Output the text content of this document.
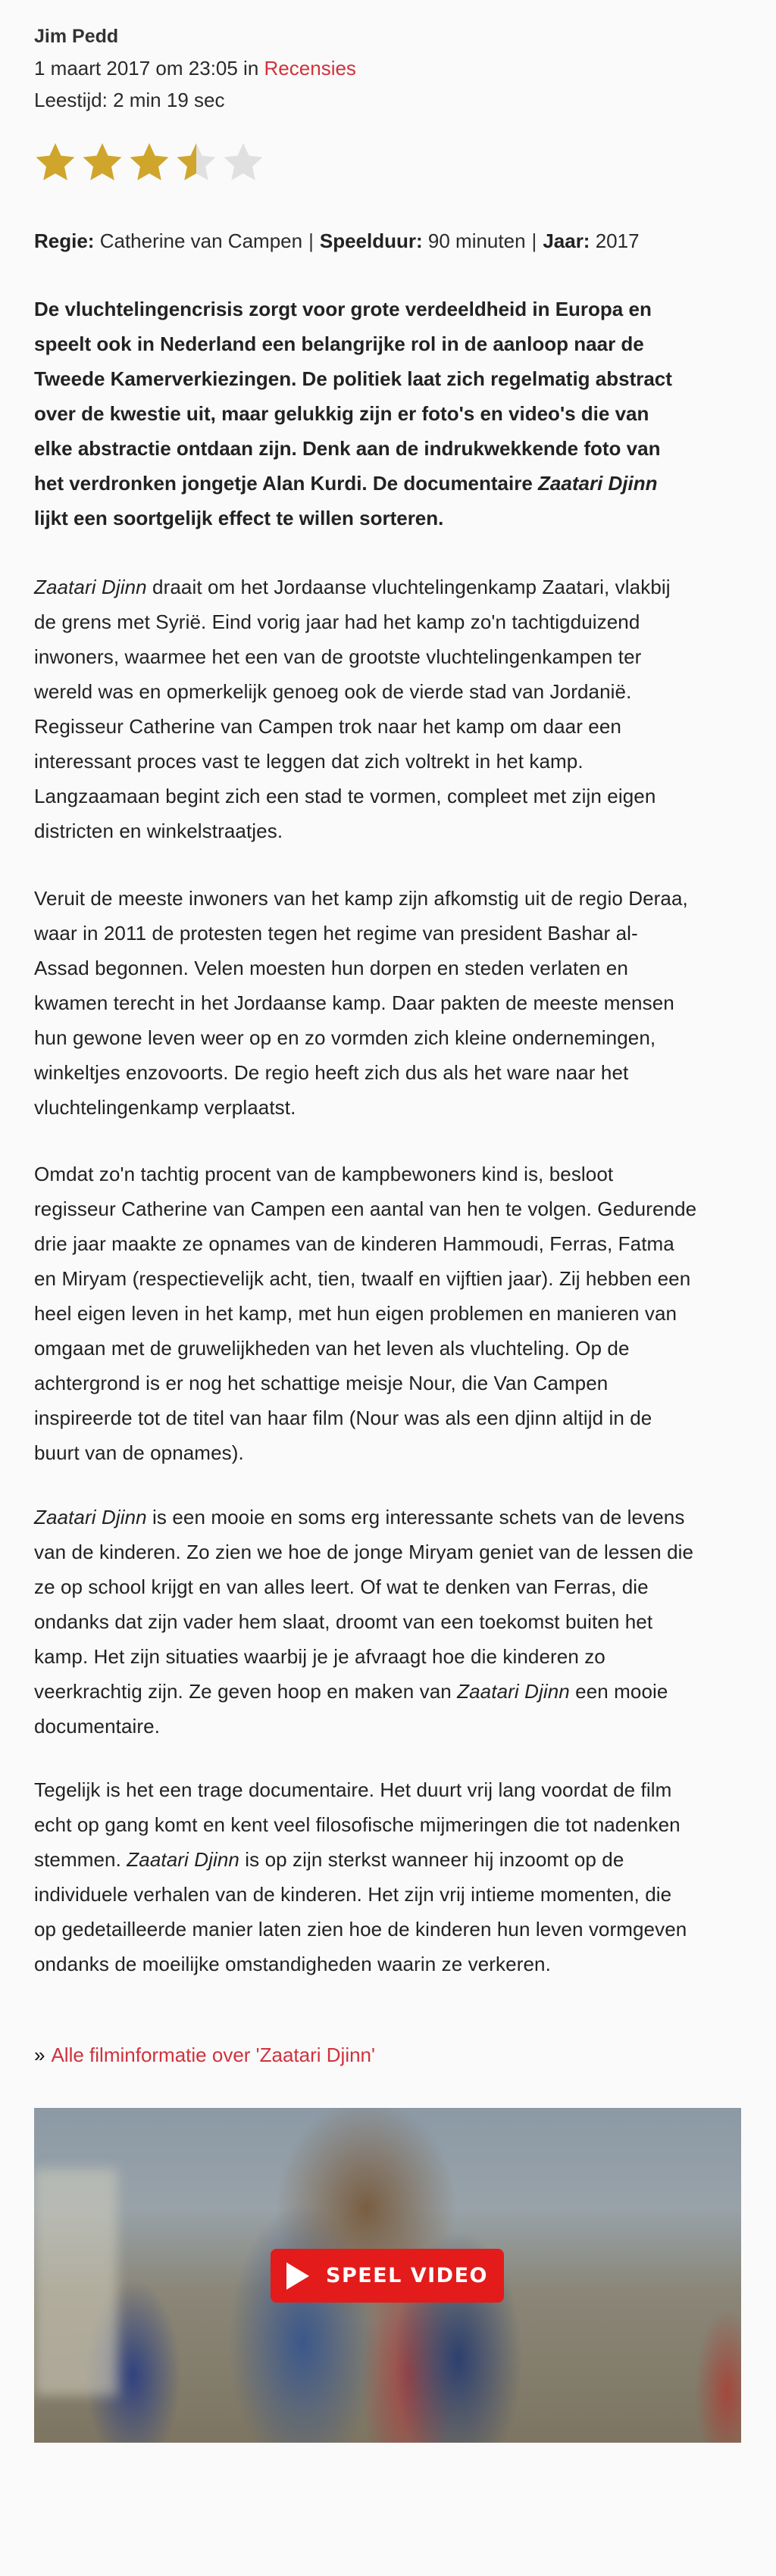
Jim Pedd
1 maart 2017 om 23:05 in Recensies
Leestijd: 2 min 19 sec
Regie: Catherine van Campen | Speelduur: 90 minuten | Jaar: 2017
De vluchtelingencrisis zorgt voor grote verdeeldheid in Europa en
speelt ook in Nederland een belangrijke rol in de aanloop naar de
Tweede Kamerverkiezingen. De politiek laat zich regelmatig abstract
over de kwestie uit, maar gelukkig zijn er foto's en video's die van
elke abstractie ontdaan zijn. Denk aan de indrukwekkende foto van
het verdronken jongetje Alan Kurdi. De documentaire Zaatari Djinn
lijkt een soortgelijk effect te willen sorteren.
Zaatari Djinn draait om het Jordaanse vluchtelingenkamp Zaatari, vlakbij
de grens met Syrië. Eind vorig jaar had het kamp zo'n tachtigduizend
inwoners, waarmee het een van de grootste vluchtelingenkampen ter
wereld was en opmerkelijk genoeg ook de vierde stad van Jordanië.
Regisseur Catherine van Campen trok naar het kamp om daar een
interessant proces vast te leggen dat zich voltrekt in het kamp.
Langzaamaan begint zich een stad te vormen, compleet met zijn eigen
districten en winkelstraatjes.
Veruit de meeste inwoners van het kamp zijn afkomstig uit de regio Deraa,
waar in 2011 de protesten tegen het regime van president Bashar al-
Assad begonnen. Velen moesten hun dorpen en steden verlaten en
kwamen terecht in het Jordaanse kamp. Daar pakten de meeste mensen
hun gewone leven weer op en zo vormden zich kleine ondernemingen,
winkeltjes enzovoorts. De regio heeft zich dus als het ware naar het
vluchtelingenkamp verplaatst.
Omdat zo'n tachtig procent van de kampbewoners kind is, besloot
regisseur Catherine van Campen een aantal van hen te volgen. Gedurende
drie jaar maakte ze opnames van de kinderen Hammoudi, Ferras, Fatma
en Miryam (respectievelijk acht, tien, twaalf en vijftien jaar). Zij hebben een
heel eigen leven in het kamp, met hun eigen problemen en manieren van
omgaan met de gruwelijkheden van het leven als vluchteling. Op de
achtergrond is er nog het schattige meisje Nour, die Van Campen
inspireerde tot de titel van haar film (Nour was als een djinn altijd in de
buurt van de opnames).
Zaatari Djinn is een mooie en soms erg interessante schets van de levens
van de kinderen. Zo zien we hoe de jonge Miryam geniet van de lessen die
ze op school krijgt en van alles leert. Of wat te denken van Ferras, die
ondanks dat zijn vader hem slaat, droomt van een toekomst buiten het
kamp. Het zijn situaties waarbij je je afvraagt hoe die kinderen zo
veerkrachtig zijn. Ze geven hoop en maken van Zaatari Djinn een mooie
documentaire.
Tegelijk is het een trage documentaire. Het duurt vrij lang voordat de film
echt op gang komt en kent veel filosofische mijmeringen die tot nadenken
stemmen. Zaatari Djinn is op zijn sterkst wanneer hij inzoomt op de
individuele verhalen van de kinderen. Het zijn vrij intieme momenten, die
op gedetailleerde manier laten zien hoe de kinderen hun leven vormgeven
ondanks de moeilijke omstandigheden waarin ze verkeren.
» Alle filminformatie over 'Zaatari Djinn'
SPEEL VIDEO
